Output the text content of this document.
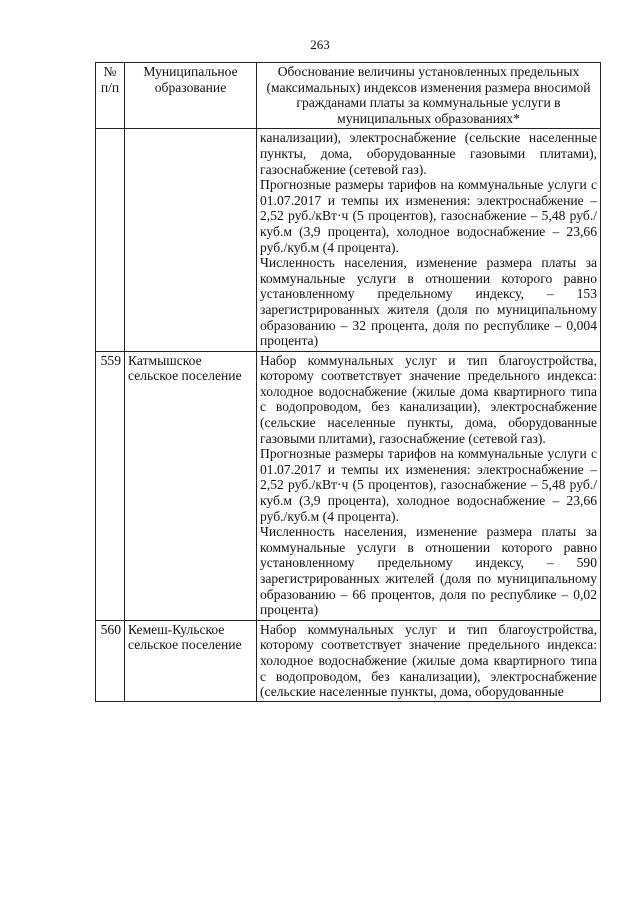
263
№ п/п	Муниципальное образование	Обоснование величины установленных предельных (максимальных) индексов изменения размера вносимой гражданами платы за коммунальные услуги в муниципальных образованиях*

		канализации), электроснабжение (сельские населенные пункты, дома, оборудованные газовыми плитами), газоснабжение (сетевой газ).

Прогнозные размеры тарифов на коммунальные услуги с 01.07.2017 и темпы их изменения: электроснабжение – 2,52 руб./кВт·ч (5 процентов), газоснабжение – 5,48 руб./куб.м (3,9 процента), холодное водоснабжение – 23,66 руб./куб.м (4 процента).

Численность населения, изменение размера платы за коммунальные услуги в отношении которого равно установленному предельному индексу, – 153 зарегистрированных жителя (доля по муниципальному образованию – 32 процента, доля по республике – 0,004 процента)

559	Катмышское сельское поселение	Набор коммунальных услуг и тип благоустройства, которому соответствует значение предельного индекса: холодное водоснабжение (жилые дома квартирного типа с водопроводом, без канализации), электроснабжение (сельские населенные пункты, дома, оборудованные газовыми плитами), газоснабжение (сетевой газ).

Прогнозные размеры тарифов на коммунальные услуги с 01.07.2017 и темпы их изменения: электроснабжение – 2,52 руб./кВт·ч (5 процентов), газоснабжение – 5,48 руб./куб.м (3,9 процента), холодное водоснабжение – 23,66 руб./куб.м (4 процента).

Численность населения, изменение размера платы за коммунальные услуги в отношении которого равно установленному предельному индексу, – 590 зарегистрированных жителей (доля по муниципальному образованию – 66 процентов, доля по республике – 0,02 процента)

560	Кемеш-Кульское сельское поселение	Набор коммунальных услуг и тип благоустройства, которому соответствует значение предельного индекса: холодное водоснабжение (жилые дома квартирного типа с водопроводом, без канализации), электроснабжение (сельские населенные пункты, дома, оборудованные
